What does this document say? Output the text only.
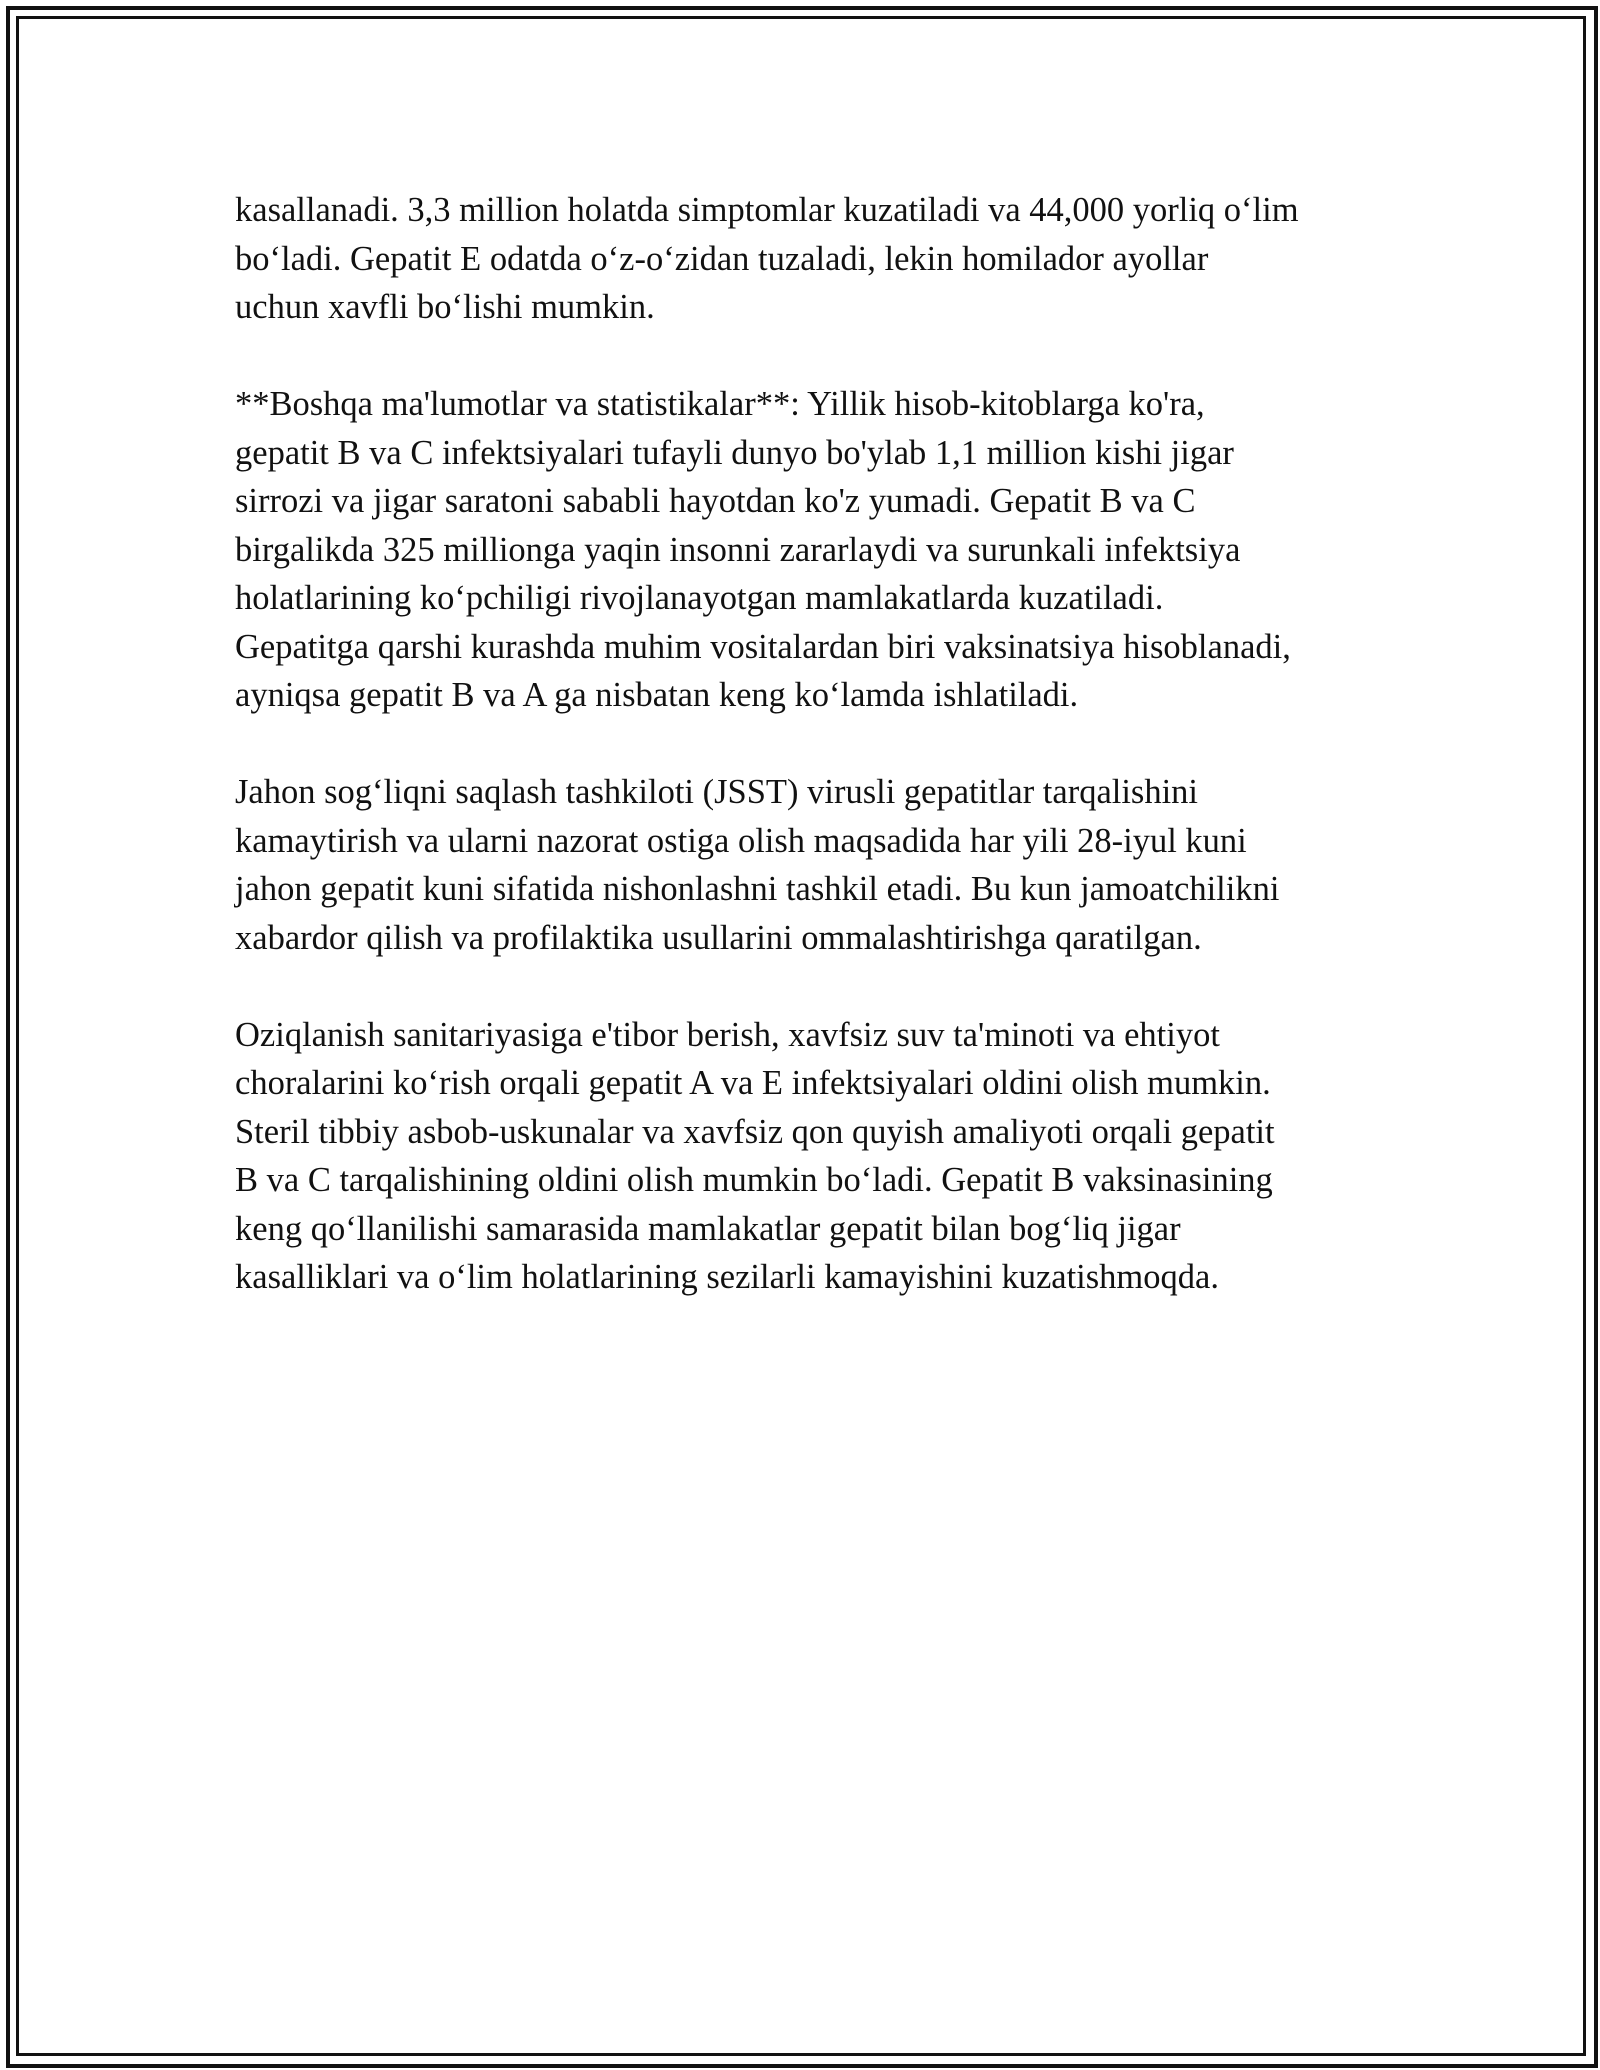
kasallanadi. 3,3 million holatda simptomlar kuzatiladi va 44,000 yorliq o‘lim
bo‘ladi. Gepatit E odatda o‘z-o‘zidan tuzaladi, lekin homilador ayollar
uchun xavfli bo‘lishi mumkin.

**Boshqa ma'lumotlar va statistikalar**: Yillik hisob-kitoblarga ko'ra,
gepatit B va C infektsiyalari tufayli dunyo bo'ylab 1,1 million kishi jigar
sirrozi va jigar saratoni sababli hayotdan ko'z yumadi. Gepatit B va C
birgalikda 325 millionga yaqin insonni zararlaydi va surunkali infektsiya
holatlarining ko‘pchiligi rivojlanayotgan mamlakatlarda kuzatiladi.
Gepatitga qarshi kurashda muhim vositalardan biri vaksinatsiya hisoblanadi,
ayniqsa gepatit B va A ga nisbatan keng ko‘lamda ishlatiladi.

Jahon sog‘liqni saqlash tashkiloti (JSST) virusli gepatitlar tarqalishini
kamaytirish va ularni nazorat ostiga olish maqsadida har yili 28-iyul kuni
jahon gepatit kuni sifatida nishonlashni tashkil etadi. Bu kun jamoatchilikni
xabardor qilish va profilaktika usullarini ommalashtirishga qaratilgan.

Oziqlanish sanitariyasiga e'tibor berish, xavfsiz suv ta'minoti va ehtiyot
choralarini ko‘rish orqali gepatit A va E infektsiyalari oldini olish mumkin.
Steril tibbiy asbob-uskunalar va xavfsiz qon quyish amaliyoti orqali gepatit
B va C tarqalishining oldini olish mumkin bo‘ladi. Gepatit B vaksinasining
keng qo‘llanilishi samarasida mamlakatlar gepatit bilan bog‘liq jigar
kasalliklari va o‘lim holatlarining sezilarli kamayishini kuzatishmoqda.
